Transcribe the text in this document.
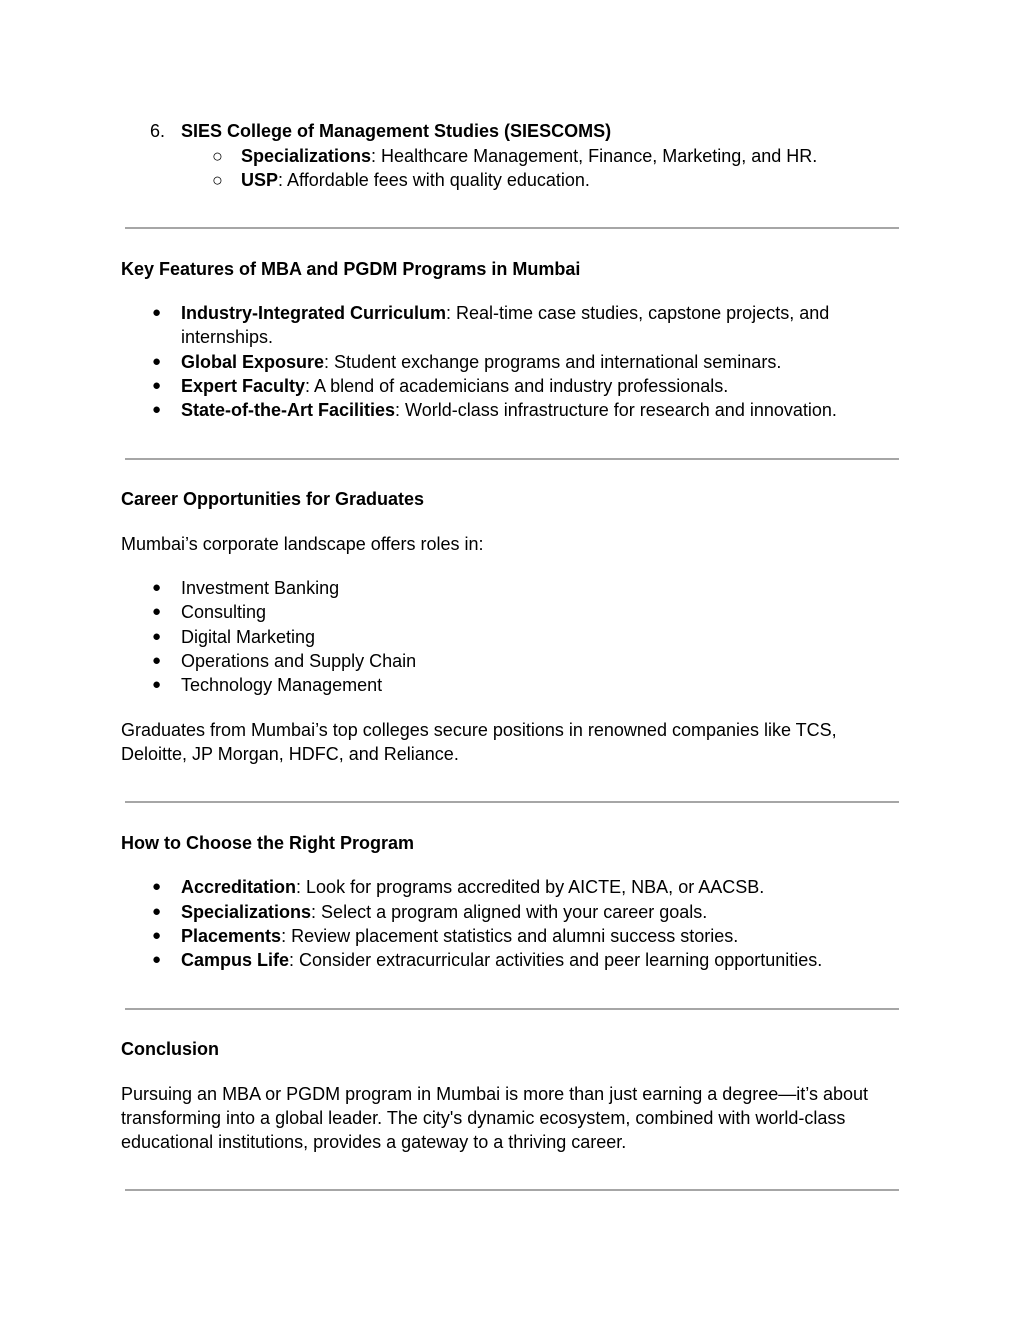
6. SIES College of Management Studies (SIESCOMS)
○ Specializations: Healthcare Management, Finance, Marketing, and HR.
○ USP: Affordable fees with quality education.
Key Features of MBA and PGDM Programs in Mumbai
● Industry-Integrated Curriculum: Real-time case studies, capstone projects, and
internships.
● Global Exposure: Student exchange programs and international seminars.
● Expert Faculty: A blend of academicians and industry professionals.
● State-of-the-Art Facilities: World-class infrastructure for research and innovation.
Career Opportunities for Graduates
Mumbai’s corporate landscape offers roles in:
● Investment Banking
● Consulting
● Digital Marketing
● Operations and Supply Chain
● Technology Management
Graduates from Mumbai’s top colleges secure positions in renowned companies like TCS,
Deloitte, JP Morgan, HDFC, and Reliance.
How to Choose the Right Program
● Accreditation: Look for programs accredited by AICTE, NBA, or AACSB.
● Specializations: Select a program aligned with your career goals.
● Placements: Review placement statistics and alumni success stories.
● Campus Life: Consider extracurricular activities and peer learning opportunities.
Conclusion
Pursuing an MBA or PGDM program in Mumbai is more than just earning a degree—it’s about
transforming into a global leader. The city's dynamic ecosystem, combined with world-class
educational institutions, provides a gateway to a thriving career.
